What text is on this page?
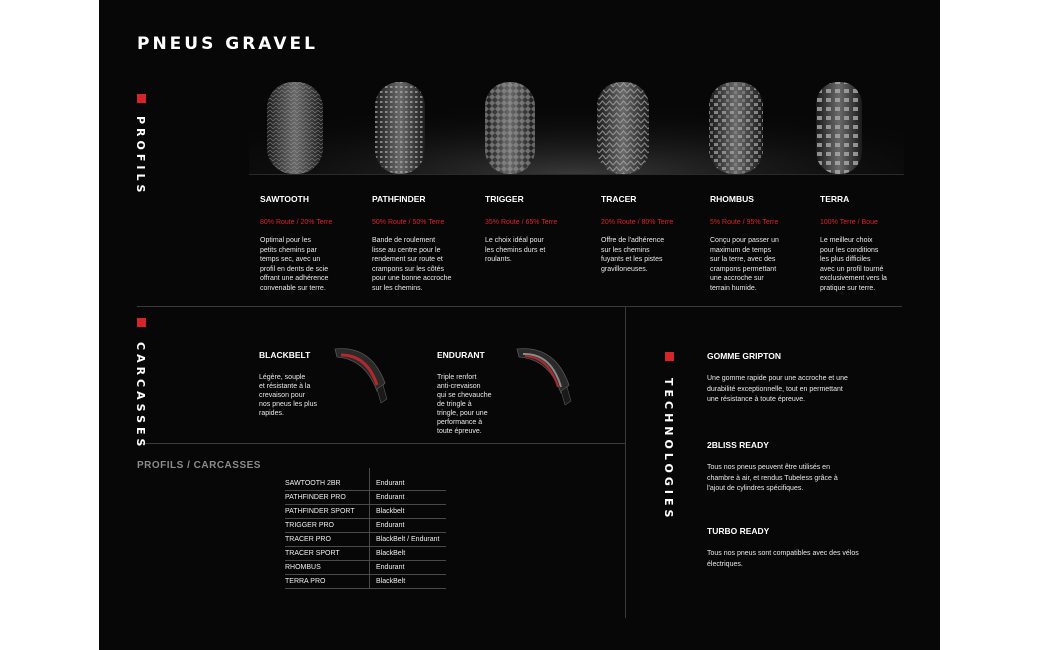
PNEUS GRAVEL
PROFILS
SAWTOOTH
80% Route / 20% Terre
Optimal pour les
petits chemins par
temps sec, avec un
profil en dents de scie
offrant une adhérence
convenable sur terre.
PATHFINDER
50% Route / 50% Terre
Bande de roulement
lisse au centre pour le
rendement sur route et
crampons sur les côtés
pour une bonne accroche
sur les chemins.
TRIGGER
35% Route / 65% Terre
Le choix idéal pour
les chemins durs et
roulants.
TRACER
20% Route / 80% Terre
Offre de l'adhérence
sur les chemins
fuyants et les pistes
gravilloneuses.
RHOMBUS
5% Route / 95% Terre
Conçu pour passer un
maximum de temps
sur la terre, avec des
crampons permettant
une accroche sur
terrain humide.
TERRA
100% Terre / Boue
Le meilleur choix
pour les conditions
les plus difficiles
avec un profil tourné
exclusivement vers la
pratique sur terre.
CARCASSES	BLACKBELT
Légère, souple
et résistante à la
crevaison pour
nos pneus les plus
rapides.
ENDURANT
Triple renfort
anti-crevaison
qui se chevauche
de tringle à
tringle, pour une
performance à
toute épreuve.	TECHNOLOGIES
GOMME GRIPTON
Une gomme rapide pour une accroche et une
durabilité exceptionnelle, tout en permettant
une résistance à toute épreuve.
2BLISS READY
Tous nos pneus peuvent être utilisés en
chambre à air, et rendus Tubeless grâce à
l'ajout de cylindres spécifiques.
TURBO READY
Tous nos pneus sont compatibles avec des vélos
électriques.
PROFILS / CARCASSES
SAWTOOTH 2BR	Endurant
PATHFINDER PRO	Endurant
PATHFINDER SPORT	Blackbelt
TRIGGER PRO	Endurant
TRACER PRO	BlackBelt / Endurant
TRACER SPORT	BlackBelt
RHOMBUS	Endurant
TERRA PRO	BlackBelt
